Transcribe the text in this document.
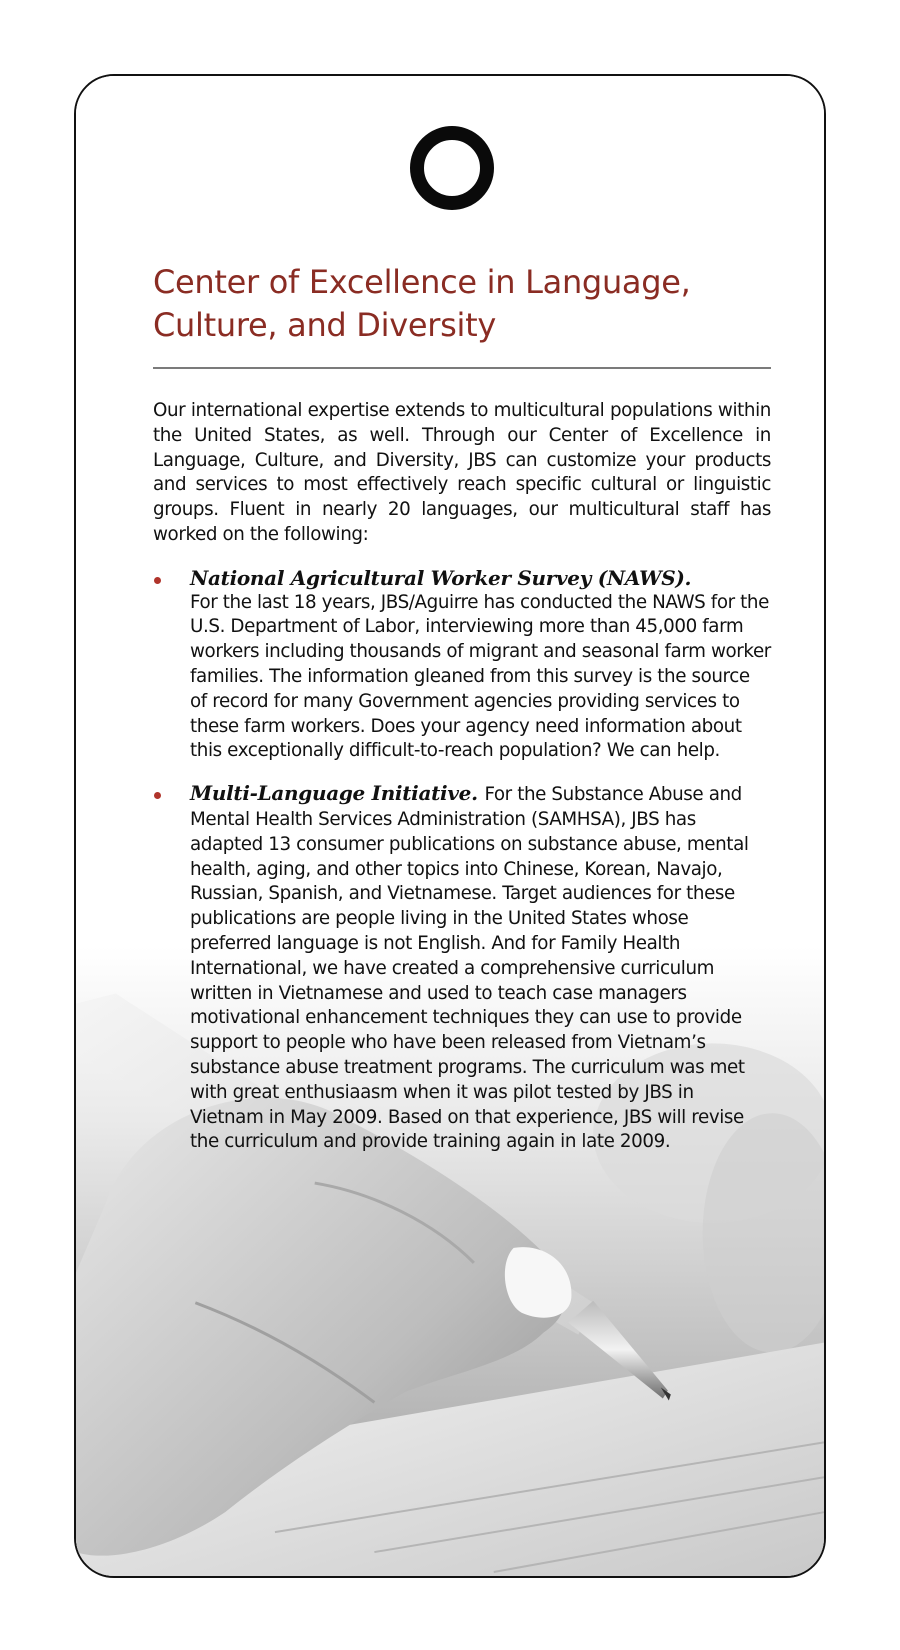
Center of Excellence in Language,
Culture, and Diversity

Our international expertise extends to multicultural populations within the United States, as well. Through our Center of Excellence in Language, Culture, and Diversity, JBS can customize your products and services to most effectively reach specific cultural or linguistic groups. Fluent in nearly 20 languages, our multicultural staff has worked on the following:

National Agricultural Worker Survey (NAWS).
For the last 18 years, JBS/Aguirre has conducted the NAWS for the U.S. Department of Labor, interviewing more than 45,000 farm workers including thousands of migrant and seasonal farm worker families. The information gleaned from this survey is the source of record for many Government agencies providing services to these farm workers. Does your agency need information about this exceptionally difficult-to-reach population? We can help.
Multi-Language Initiative. For the Substance Abuse and Mental Health Services Administration (SAMHSA), JBS has adapted 13 consumer publications on substance abuse, mental health, aging, and other topics into Chinese, Korean, Navajo, Russian, Spanish, and Vietnamese. Target audiences for these publications are people living in the United States whose preferred language is not English. And for Family Health International, we have created a comprehensive curriculum written in Vietnamese and used to teach case managers motivational enhancement techniques they can use to provide support to people who have been released from Vietnam’s substance abuse treatment programs. The curriculum was met with great enthusiaasm when it was pilot tested by JBS in Vietnam in May 2009. Based on that experience, JBS will revise the curriculum and provide training again in late 2009.
